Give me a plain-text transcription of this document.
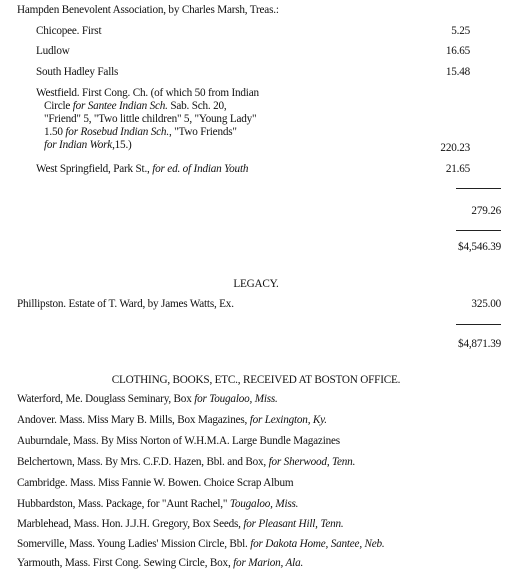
Hampden Benevolent Association, by Charles Marsh, Treas.:
Chicopee. First	5.25
Ludlow	16.65
South Hadley Falls	15.48
Westfield. First Cong. Ch. (of which 50 from Indian
Circle for Santee Indian Sch. Sab. Sch. 20,
"Friend" 5, "Two little children" 5, "Young Lady"
1.50 for Rosebud Indian Sch., "Two Friends"
for Indian Work,15.)	220.23
West Springfield, Park St., for ed. of Indian Youth	21.65
279.26
$4,546.39
LEGACY.
Phillipston. Estate of T. Ward, by James Watts, Ex.	325.00
$4,871.39
CLOTHING, BOOKS, ETC., RECEIVED AT BOSTON OFFICE.
Waterford, Me. Douglass Seminary, Box for Tougaloo, Miss.
Andover. Mass. Miss Mary B. Mills, Box Magazines, for Lexington, Ky.
Auburndale, Mass. By Miss Norton of W.H.M.A. Large Bundle Magazines
Belchertown, Mass. By Mrs. C.F.D. Hazen, Bbl. and Box, for Sherwood, Tenn.
Cambridge. Mass. Miss Fannie W. Bowen. Choice Scrap Album
Hubbardston, Mass. Package, for "Aunt Rachel," Tougaloo, Miss.
Marblehead, Mass. Hon. J.J.H. Gregory, Box Seeds, for Pleasant Hill, Tenn.
Somerville, Mass. Young Ladies' Mission Circle, Bbl. for Dakota Home, Santee, Neb.
Yarmouth, Mass. First Cong. Sewing Circle, Box, for Marion, Ala.
